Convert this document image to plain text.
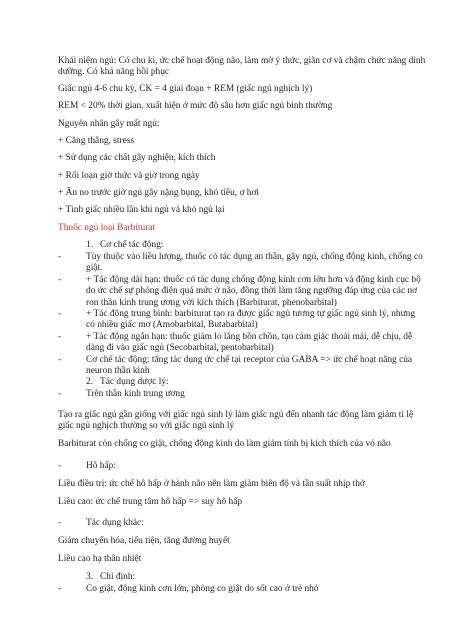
Khái niệm ngủ: Có chu kì, ức chế hoạt động não, làm mờ ý thức, giãn cơ và chậm chức năng dinh dưỡng. Có khả năng hồi phục

Giấc ngủ 4-6 chu kỳ, CK = 4 giai đoạn + REM (giấc ngủ nghịch lý)

REM < 20% thời gian, xuất hiện ở mức độ sâu hơn giấc ngủ bình thường

Nguyên nhân gây mất ngủ:

+ Căng thẳng, stress

+ Sử dụng các chất gây nghiện, kích thích

+ Rối loạn giờ thức và giờ trong ngày

+ Ăn no trước giờ ngủ gây nặng bụng, khó tiêu, ợ hơi

+ Tình giấc nhiều lần khi ngủ và khó ngủ lại

Thuốc ngủ loại Barbiturat

1. Cơ chế tác động:
-	Tùy thuộc vào liều lượng, thuốc có tác dụng an thần, gây ngủ, chống động kinh, chống co giật.
-	+ Tác động dài hạn: thuốc có tác dụng chống động kinh cơn lớn hơn và động kinh cục bộ do ức chế sự phóng điện quá mức ở não, đồng thời làm tăng ngưỡng đáp ứng của các nơ ron thần kinh trung ương với kích thích (Barbiturat, phenobarbital)
-	+ Tác động trung bình: barbiturat tạo ra được giấc ngủ tương tự giấc ngủ sinh lý, nhưng có nhiều giấc mơ (Amobarbital, Butabarbital)
-	+ Tác động ngắn hạn: thuốc giảm lo lắng bồn chồn, tạo cảm giác thoải mái, dễ chịu, dễ dàng đi vào giấc ngủ (Secobarbital, pentobarbital)
-	Cơ chế tác động: tăng tác dụng ức chế tại receptor của GABA => ức chế hoạt năng của neuron thần kinh
2. Tác dụng dược lý:
-	Trên thần kinh trung ương

Tạo ra giấc ngủ gần giống với giấc ngủ sinh lý làm giấc ngủ đến nhanh tác động làm giảm tỉ lệ giấc ngủ nghịch thường so với giấc ngủ sinh lý

Barbiturat còn chống co giật, chống động kinh do làm giảm tính bị kích thích của vỏ não

-	Hô hấp:

Liều điều trị: ức chế hô hấp ở hành não nên làm giảm biên độ và tần suất nhịp thở

Liều cao: ức chế trung tâm hô hấp => suy hô hấp

-	Tác dụng khác:

Giảm chuyển hóa, tiểu tiện, tăng đường huyết

Liều cao hạ thân nhiệt

3. Chỉ định:
-	Co giật, động kinh cơn lớn, phòng co giật do sốt cao ở trẻ nhỏ
